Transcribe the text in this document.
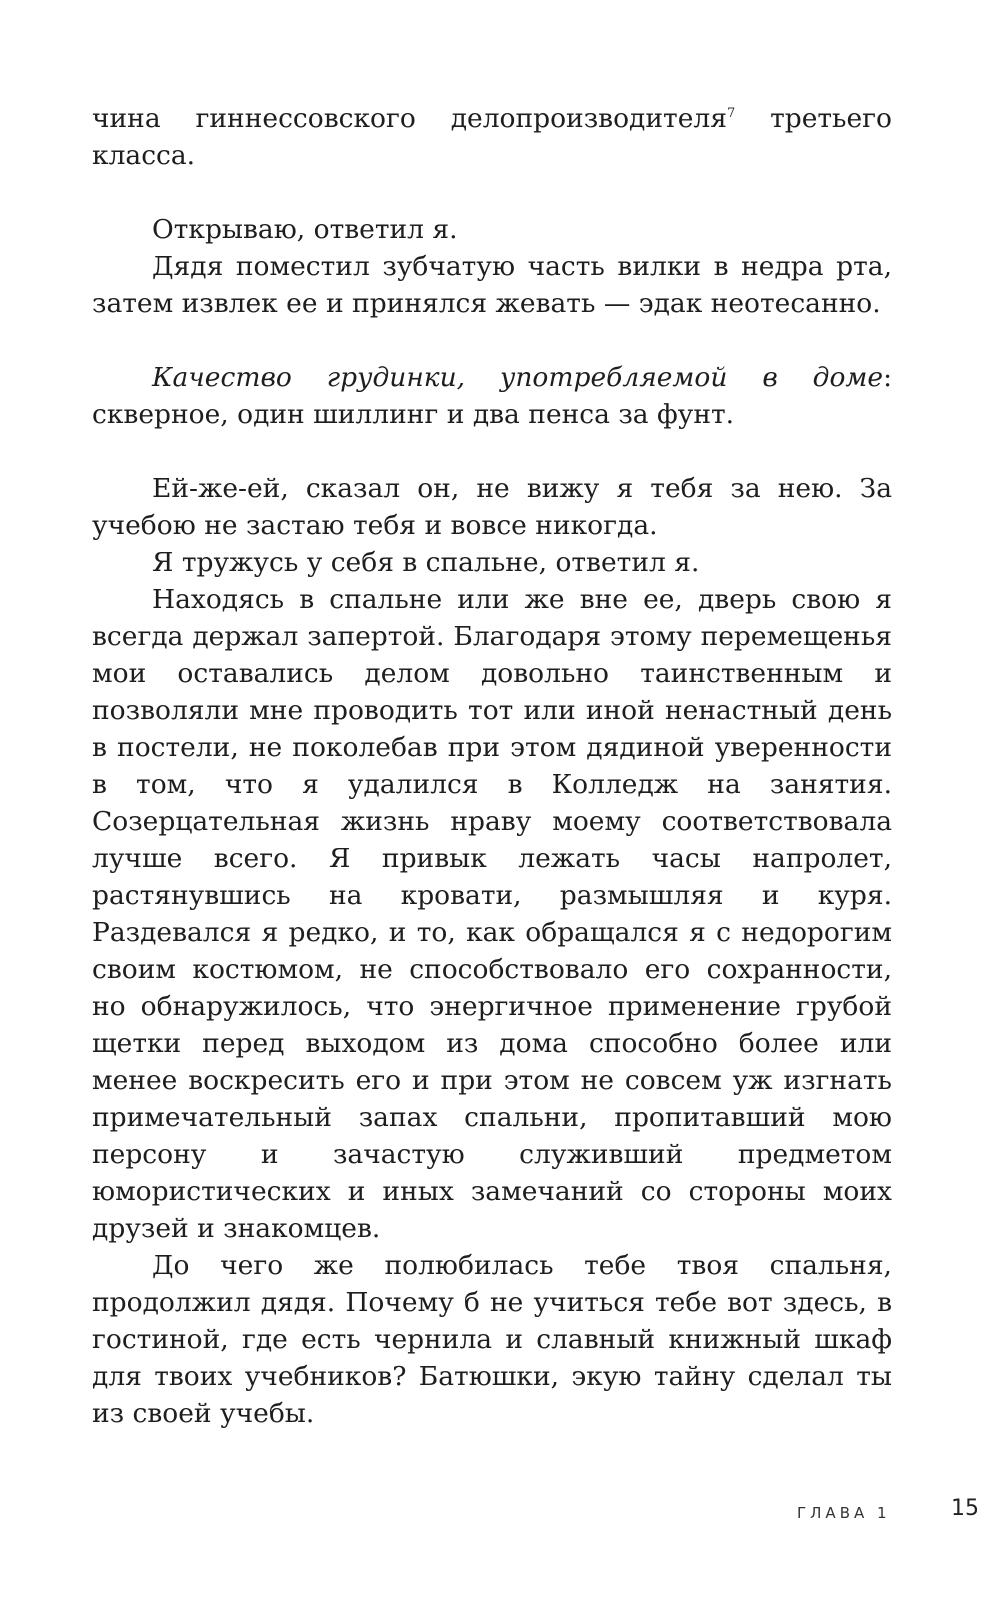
чина гиннессовского делопроизводителя$^7$ третьего класса.

Открываю, ответил я.

Дядя поместил зубчатую часть вилки в недра рта, затем извлек ее и принялся жевать — эдак неотесанно.

Качество грудинки, употребляемой в доме: скверное, один шиллинг и два пенса за фунт.

Ей-же-ей, сказал он, не вижу я тебя за нею. За учебою не застаю тебя и вовсе никогда.

Я тружусь у себя в спальне, ответил я.

Находясь в спальне или же вне ее, дверь свою я всегда держал запертой. Благодаря этому перемещенья мои оставались делом довольно таинственным и позволяли мне проводить тот или иной ненастный день в постели, не поколебав при этом дядиной уверенности в том, что я удалился в Колледж на занятия. Созерцательная жизнь нраву моему соответствовала лучше всего. Я привык лежать часы напролет, растянувшись на кровати, размышляя и куря. Раздевался я редко, и то, как обращался я с недорогим своим костюмом, не способствовало его сохранности, но обнаружилось, что энергичное применение грубой щетки перед выходом из дома способно более или менее воскресить его и при этом не совсем уж изгнать примечательный запах спальни, пропитавший мою персону и зачастую служивший предметом юмористических и иных замечаний со стороны моих друзей и знакомцев.

До чего же полюбилась тебе твоя спальня, продолжил дядя. Почему б не учиться тебе вот здесь, в гостиной, где есть чернила и славный книжный шкаф для твоих учебников? Батюшки, экую тайну сделал ты из своей учебы.

ГЛАВА 1	15
